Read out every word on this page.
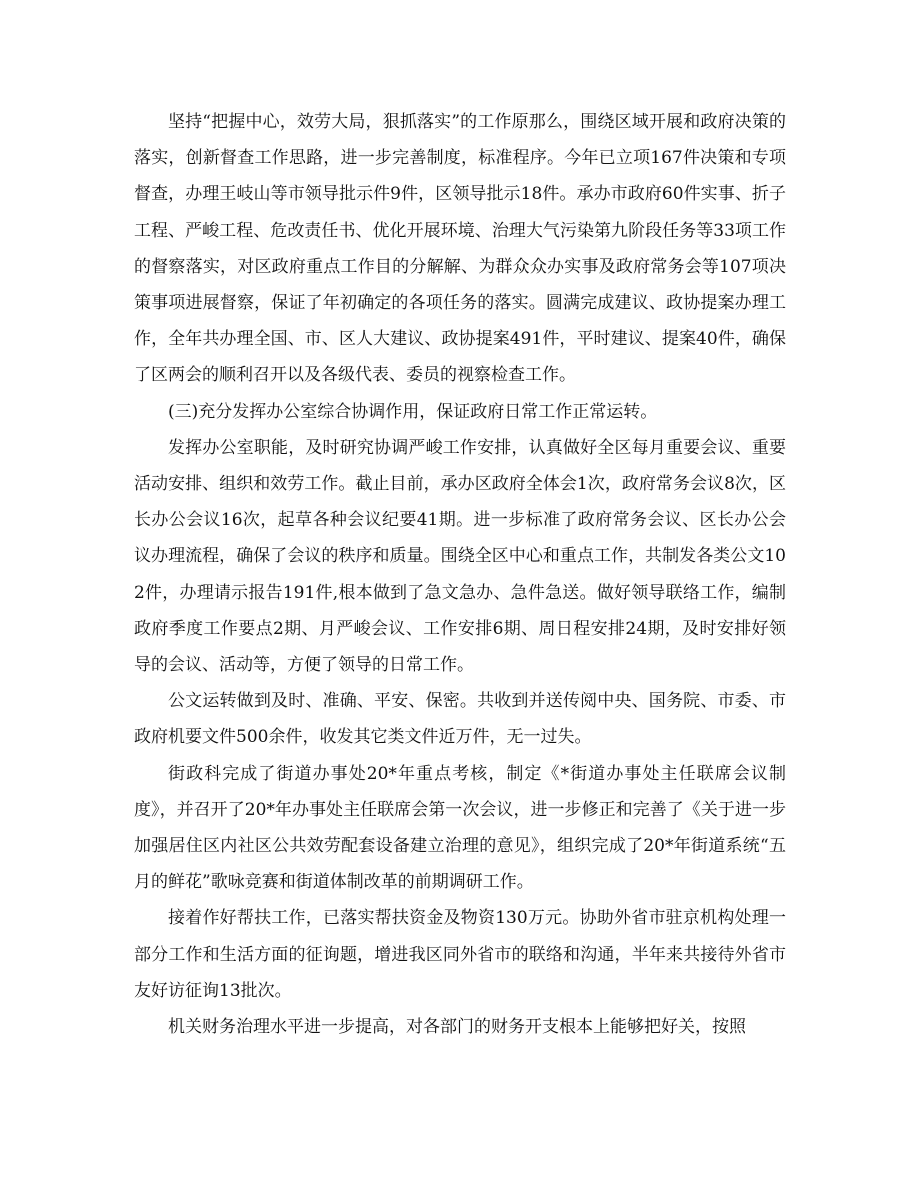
坚持“把握中心，效劳大局，狠抓落实”的工作原那么，围绕区域开展和政府决策的落实，创新督查工作思路，进一步完善制度，标准程序。今年已立项167件决策和专项督查，办理王岐山等市领导批示件9件，区领导批示18件。承办市政府60件实事、折子工程、严峻工程、危改责任书、优化开展环境、治理大气污染第九阶段任务等33项工作的督察落实，对区政府重点工作目的分解解、为群众众办实事及政府常务会等107项决策事项进展督察，保证了年初确定的各项任务的落实。圆满完成建议、政协提案办理工作，全年共办理全国、市、区人大建议、政协提案491件，平时建议、提案40件，确保了区两会的顺利召开以及各级代表、委员的视察检查工作。

(三)充分发挥办公室综合协调作用，保证政府日常工作正常运转。

发挥办公室职能，及时研究协调严峻工作安排，认真做好全区每月重要会议、重要活动安排、组织和效劳工作。截止目前，承办区政府全体会1次，政府常务会议8次，区长办公会议16次，起草各种会议纪要41期。进一步标准了政府常务会议、区长办公会议办理流程，确保了会议的秩序和质量。围绕全区中心和重点工作，共制发各类公文102件，办理请示报告191件,根本做到了急文急办、急件急送。做好领导联络工作，编制政府季度工作要点2期、月严峻会议、工作安排6期、周日程安排24期，及时安排好领导的会议、活动等，方便了领导的日常工作。

公文运转做到及时、准确、平安、保密。共收到并送传阅中央、国务院、市委、市政府机要文件500余件，收发其它类文件近万件，无一过失。

街政科完成了街道办事处20*年重点考核，制定《*街道办事处主任联席会议制度》，并召开了20*年办事处主任联席会第一次会议，进一步修正和完善了《关于进一步加强居住区内社区公共效劳配套设备建立治理的意见》，组织完成了20*年街道系统“五月的鲜花”歌咏竞赛和街道体制改革的前期调研工作。

接着作好帮扶工作，已落实帮扶资金及物资130万元。协助外省市驻京机构处理一部分工作和生活方面的征询题，增进我区同外省市的联络和沟通，半年来共接待外省市友好访征询13批次。

机关财务治理水平进一步提高，对各部门的财务开支根本上能够把好关，按照
